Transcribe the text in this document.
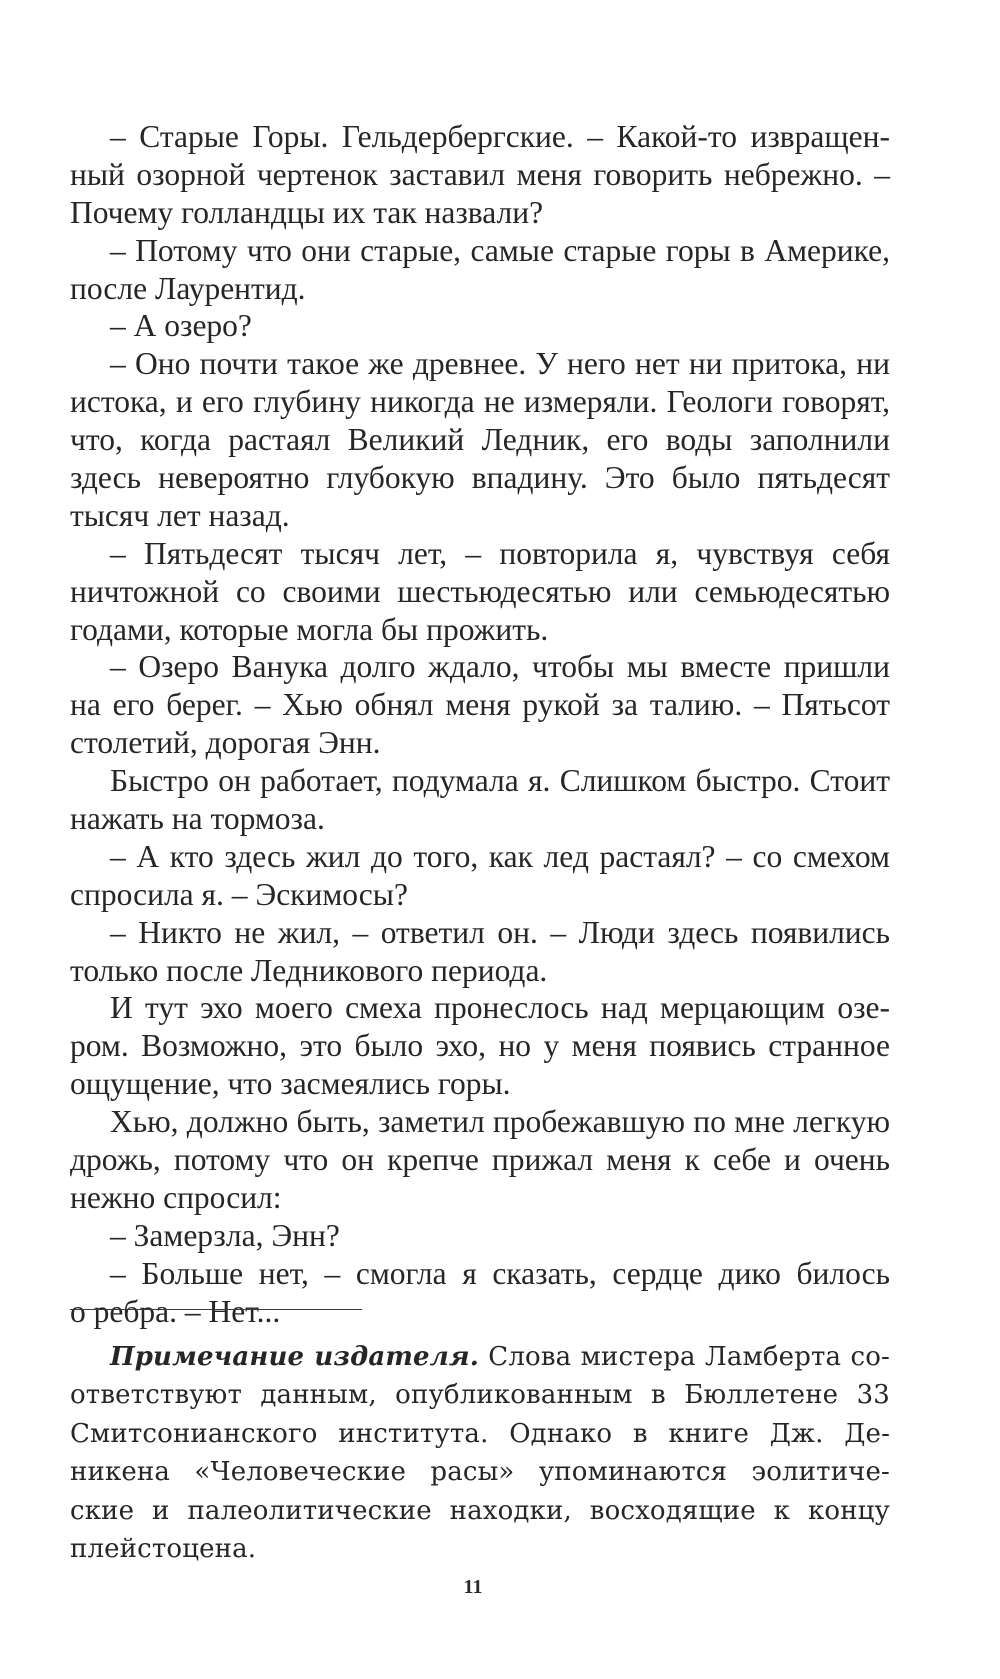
– Старые Горы. Гельдербергские. – Какой-то извращен-
ный озорной чертенок заставил меня говорить небрежно. –
Почему голландцы их так назвали?
– Потому что они старые, самые старые горы в Америке,
после Лаурентид.
– А озеро?
– Оно почти такое же древнее. У него нет ни притока, ни
истока, и его глубину никогда не измеряли. Геологи говорят,
что, когда растаял Великий Ледник, его воды заполнили
здесь невероятно глубокую впадину. Это было пятьдесят
тысяч лет назад.
– Пятьдесят тысяч лет, – повторила я, чувствуя себя
ничтожной со своими шестьюдесятью или семьюдесятью
годами, которые могла бы прожить.
– Озеро Ванука долго ждало, чтобы мы вместе пришли
на его берег. – Хью обнял меня рукой за талию. – Пятьсот
столетий, дорогая Энн.
Быстро он работает, подумала я. Слишком быстро. Стоит
нажать на тормоза.
– А кто здесь жил до того, как лед растаял? – со смехом
спросила я. – Эскимосы?
– Никто не жил, – ответил он. – Люди здесь появились
только после Ледникового периода.
И тут эхо моего смеха пронеслось над мерцающим озе-
ром. Возможно, это было эхо, но у меня появись странное
ощущение, что засмеялись горы.
Хью, должно быть, заметил пробежавшую по мне легкую
дрожь, потому что он крепче прижал меня к себе и очень
нежно спросил:
– Замерзла, Энн?
– Больше нет, – смогла я сказать, сердце дико билось
о ребра. – Нет...
Примечание издателя. Слова мистера Ламберта со-
ответствуют данным, опубликованным в Бюллетене 33
Смитсонианского института. Однако в книге Дж. Де-
никена «Человеческие расы» упоминаются эолитиче-
ские и палеолитические находки, восходящие к концу
плейстоцена.
11
